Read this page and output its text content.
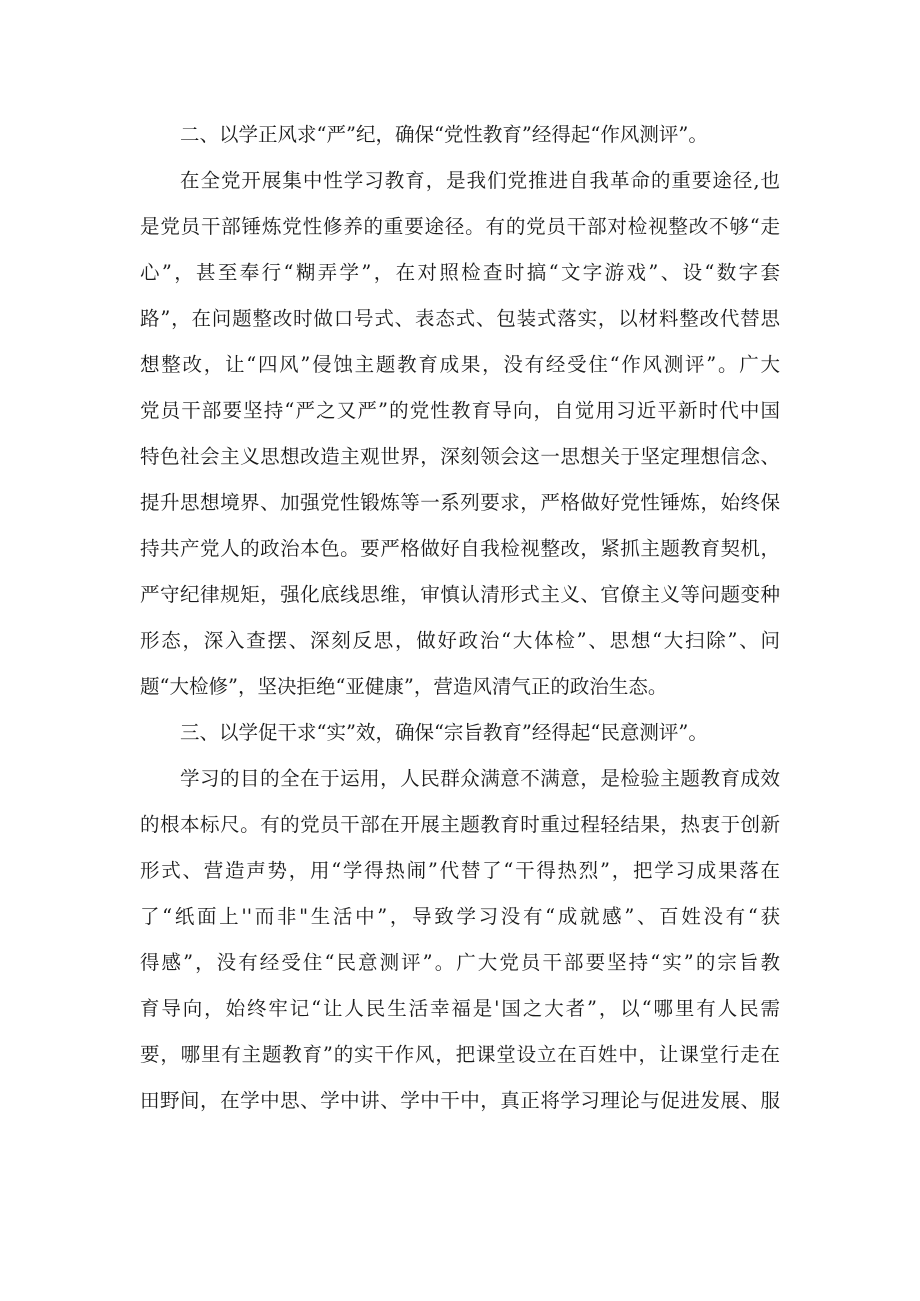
二、以学正风求“严”纪，确保“党性教育”经得起“作风测评”。
在全党开展集中性学习教育，是我们党推进自我革命的重要途径,也
是党员干部锤炼党性修养的重要途径。有的党员干部对检视整改不够“走
心”，甚至奉行“糊弄学”，在对照检查时搞“文字游戏”、设“数字套
路”，在问题整改时做口号式、表态式、包装式落实，以材料整改代替思
想整改，让“四风”侵蚀主题教育成果，没有经受住“作风测评”。广大
党员干部要坚持“严之又严”的党性教育导向，自觉用习近平新时代中国
特色社会主义思想改造主观世界，深刻领会这一思想关于坚定理想信念、
提升思想境界、加强党性锻炼等一系列要求，严格做好党性锤炼，始终保
持共产党人的政治本色。要严格做好自我检视整改，紧抓主题教育契机，
严守纪律规矩，强化底线思维，审慎认清形式主义、官僚主义等问题变种
形态，深入查摆、深刻反思，做好政治“大体检”、思想“大扫除”、问
题“大检修”，坚决拒绝“亚健康”，营造风清气正的政治生态。
三、以学促干求“实”效，确保“宗旨教育”经得起“民意测评”。
学习的目的全在于运用，人民群众满意不满意，是检验主题教育成效
的根本标尺。有的党员干部在开展主题教育时重过程轻结果，热衷于创新
形式、营造声势，用“学得热闹”代替了“干得热烈”，把学习成果落在
了“纸面上''而非"生活中”，导致学习没有“成就感”、百姓没有“获
得感”，没有经受住“民意测评”。广大党员干部要坚持“实”的宗旨教
育导向，始终牢记“让人民生活幸福是'国之大者”，以“哪里有人民需
要，哪里有主题教育”的实干作风，把课堂设立在百姓中，让课堂行走在
田野间，在学中思、学中讲、学中干中，真正将学习理论与促进发展、服
